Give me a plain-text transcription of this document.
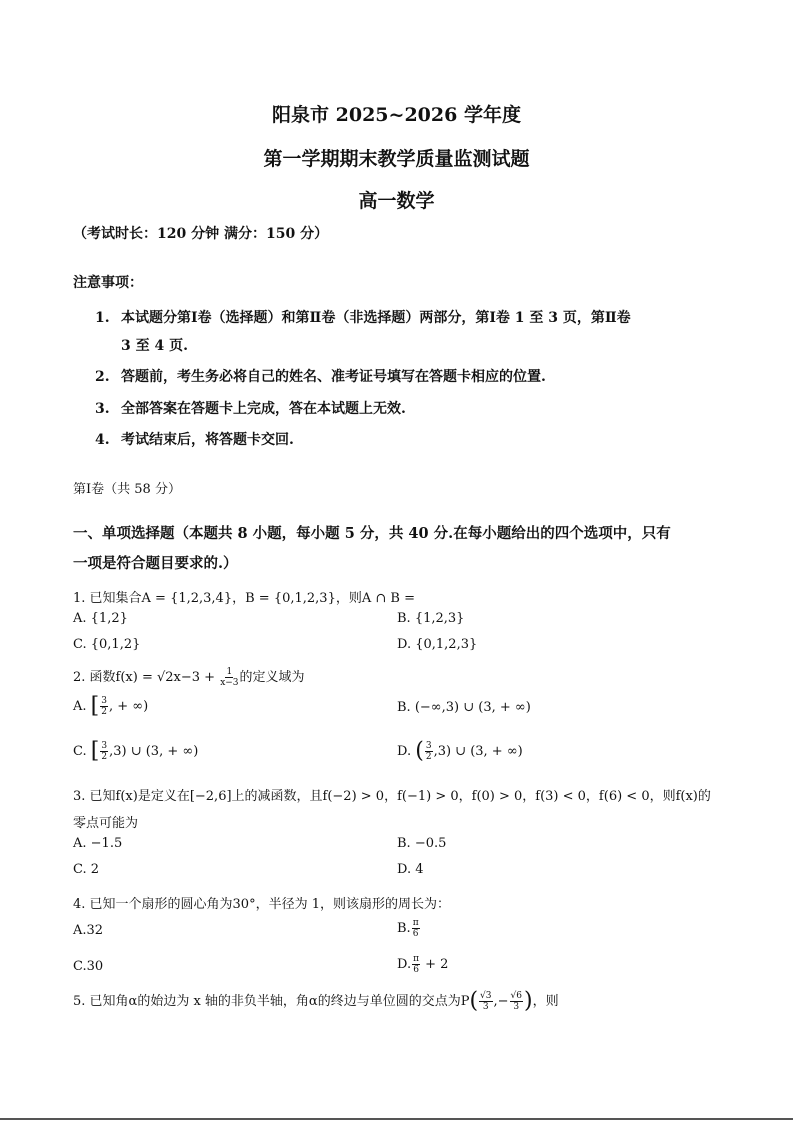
阳泉市 2025~2026 学年度
第一学期期末教学质量监测试题
高一数学
（考试时长：120 分钟 满分：150 分）
注意事项：
1. 本试题分第Ⅰ卷（选择题）和第Ⅱ卷（非选择题）两部分，第Ⅰ卷 1 至 3 页，第Ⅱ卷
3 至 4 页.
2. 答题前，考生务必将自己的姓名、准考证号填写在答题卡相应的位置.
3. 全部答案在答题卡上完成，答在本试题上无效.
4. 考试结束后，将答题卡交回.
第Ⅰ卷（共 58 分）
一、单项选择题（本题共 8 小题，每小题 5 分，共 40 分.在每小题给出的四个选项中，只有
一项是符合题目要求的.）
1. 已知集合A = {1,2,3,4}，B = {0,1,2,3}，则A ∩ B =
A. {1,2}	B. {1,2,3}
C. {0,1,2}	D. {0,1,2,3}
2. 函数$f(x) = √2x-3 + \frac{1}{x-3}$ 的定义域为
A. [ $\frac{3}{2}$ , + ∞)	B. (−∞,3) ∪ (3, + ∞)
C. [ $\frac{3}{2} ,3$) ∪ (3, + ∞)	D. ( $\frac{3}{2} ,3$) ∪ (3, + ∞)
3. 已知f(x)是定义在[−2,6]上的减函数，且f(−2) > 0，f(−1) > 0，f(0) > 0，f(3) < 0，f(6) < 0，则f(x)的
零点可能为
A. −1.5	B. −0.5
C. 2	D. 4
4. 已知一个扇形的圆心角为30°，半径为 1，则该扇形的周长为：
A.32	B. $\frac{\pi}{6}$
C.30	D. $\frac{\pi}{6} + 2$
5. 已知角α的始边为 x 轴的非负半轴，角α的终边与单位圆的交点为$P( \frac{√3}{3}$ ,− $\frac{√6}{3}$ )，则
